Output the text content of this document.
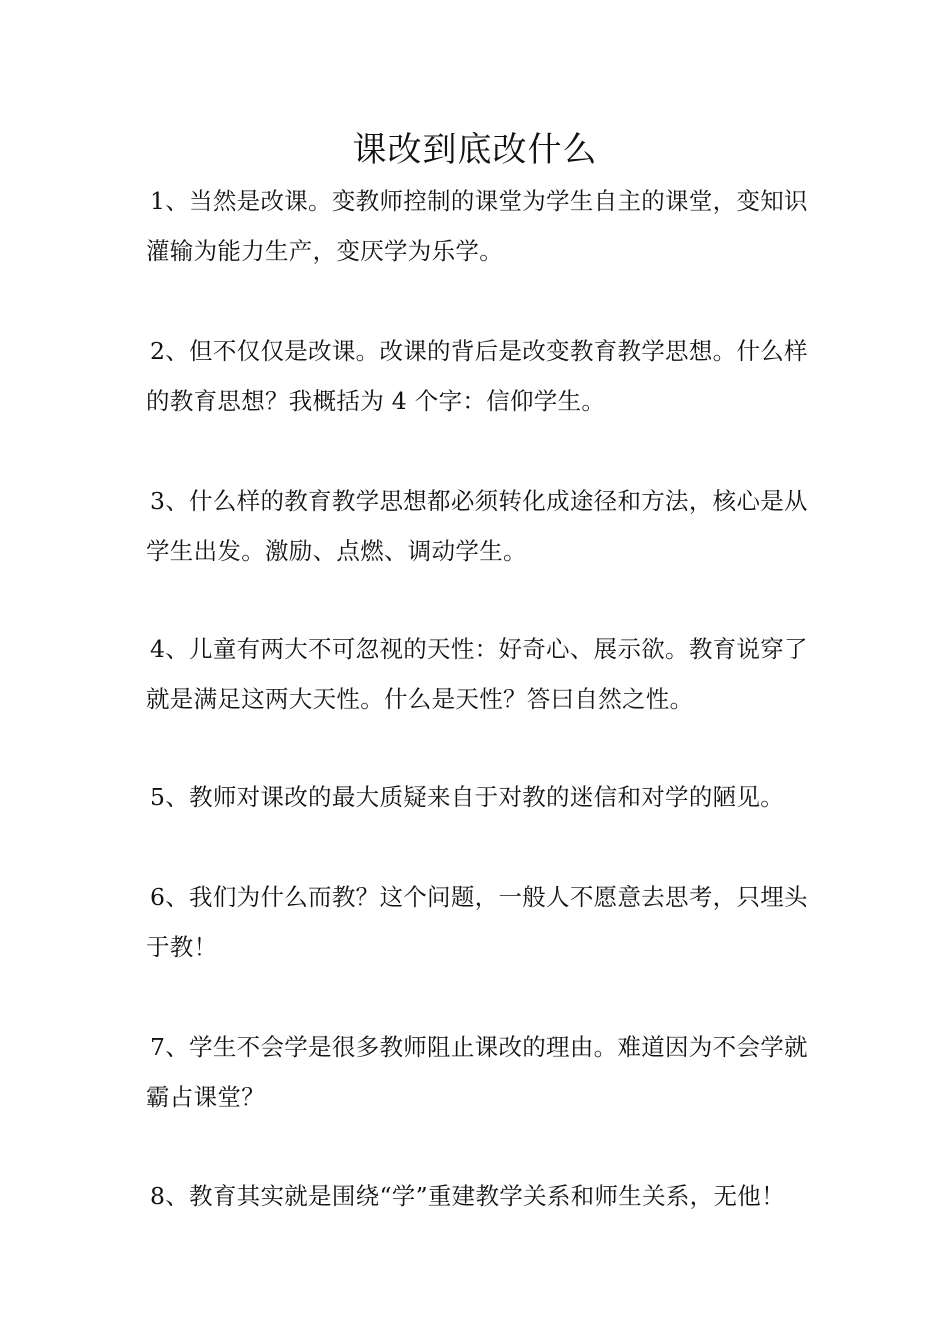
课改到底改什么
1、当然是改课。变教师控制的课堂为学生自主的课堂，变知识灌输为能力生产，变厌学为乐学。
2、但不仅仅是改课。改课的背后是改变教育教学思想。什么样的教育思想？我概括为 4 个字：信仰学生。
3、什么样的教育教学思想都必须转化成途径和方法，核心是从学生出发。激励、点燃、调动学生。
4、儿童有两大不可忽视的天性：好奇心、展示欲。教育说穿了就是满足这两大天性。什么是天性？答曰自然之性。
5、教师对课改的最大质疑来自于对教的迷信和对学的陋见。
6、我们为什么而教？这个问题，一般人不愿意去思考，只埋头于教！
7、学生不会学是很多教师阻止课改的理由。难道因为不会学就霸占课堂？
8、教育其实就是围绕“学”重建教学关系和师生关系，无他！
